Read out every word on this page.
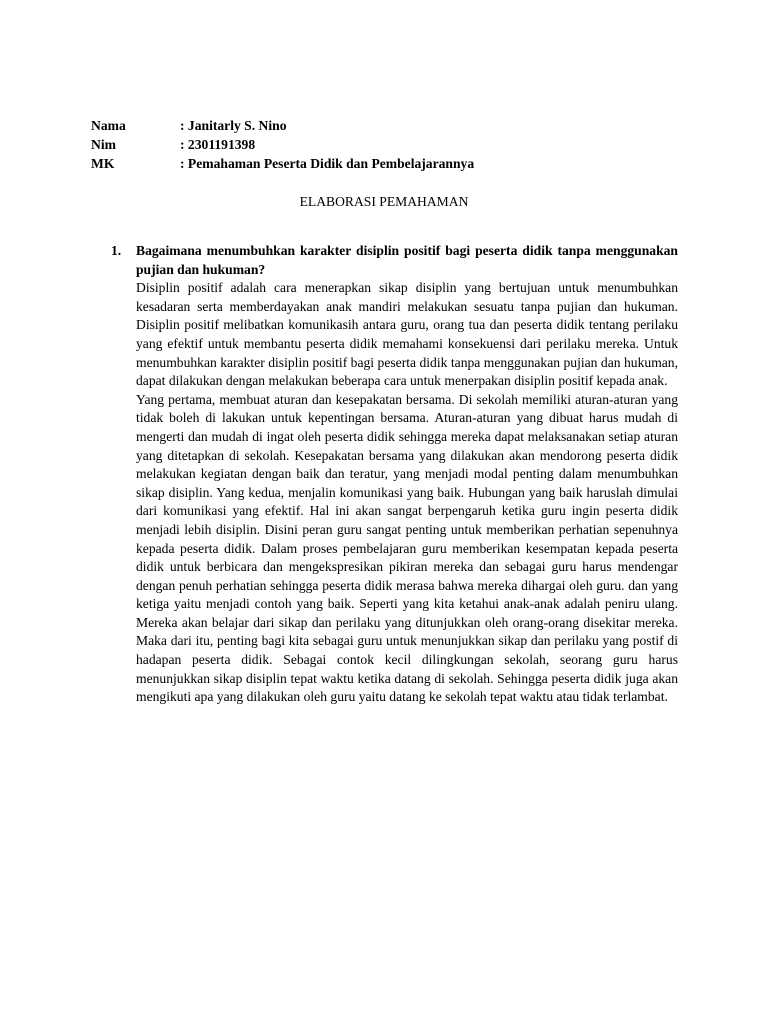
Nama	: Janitarly S. Nino
Nim	: 2301191398
MK	: Pemahaman Peserta Didik dan Pembelajarannya
ELABORASI PEMAHAMAN
1. Bagaimana menumbuhkan karakter disiplin positif bagi peserta didik tanpa menggunakan pujian dan hukuman?

Disiplin positif adalah cara menerapkan sikap disiplin yang bertujuan untuk menumbuhkan kesadaran serta memberdayakan anak mandiri melakukan sesuatu tanpa pujian dan hukuman. Disiplin positif melibatkan komunikasih antara guru, orang tua dan peserta didik tentang perilaku yang efektif untuk membantu peserta didik memahami konsekuensi dari perilaku mereka. Untuk menumbuhkan karakter disiplin positif bagi peserta didik tanpa menggunakan pujian dan hukuman, dapat dilakukan dengan melakukan beberapa cara untuk menerpakan disiplin positif kepada anak.

Yang pertama, membuat aturan dan kesepakatan bersama. Di sekolah memiliki aturan-aturan yang tidak boleh di lakukan untuk kepentingan bersama. Aturan-aturan yang dibuat harus mudah di mengerti dan mudah di ingat oleh peserta didik sehingga mereka dapat melaksanakan setiap aturan yang ditetapkan di sekolah. Kesepakatan bersama yang dilakukan akan mendorong peserta didik melakukan kegiatan dengan baik dan teratur, yang menjadi modal penting dalam menumbuhkan sikap disiplin. Yang kedua, menjalin komunikasi yang baik. Hubungan yang baik haruslah dimulai dari komunikasi yang efektif. Hal ini akan sangat berpengaruh ketika guru ingin peserta didik menjadi lebih disiplin. Disini peran guru sangat penting untuk memberikan perhatian sepenuhnya kepada peserta didik. Dalam proses pembelajaran guru memberikan kesempatan kepada peserta didik untuk berbicara dan mengekspresikan pikiran mereka dan sebagai guru harus mendengar dengan penuh perhatian sehingga peserta didik merasa bahwa mereka dihargai oleh guru. dan yang ketiga yaitu menjadi contoh yang baik. Seperti yang kita ketahui anak-anak adalah peniru ulang. Mereka akan belajar dari sikap dan perilaku yang ditunjukkan oleh orang-orang disekitar mereka. Maka dari itu, penting bagi kita sebagai guru untuk menunjukkan sikap dan perilaku yang postif di hadapan peserta didik. Sebagai contok kecil dilingkungan sekolah, seorang guru harus menunjukkan sikap disiplin tepat waktu ketika datang di sekolah. Sehingga peserta didik juga akan mengikuti apa yang dilakukan oleh guru yaitu datang ke sekolah tepat waktu atau tidak terlambat.
